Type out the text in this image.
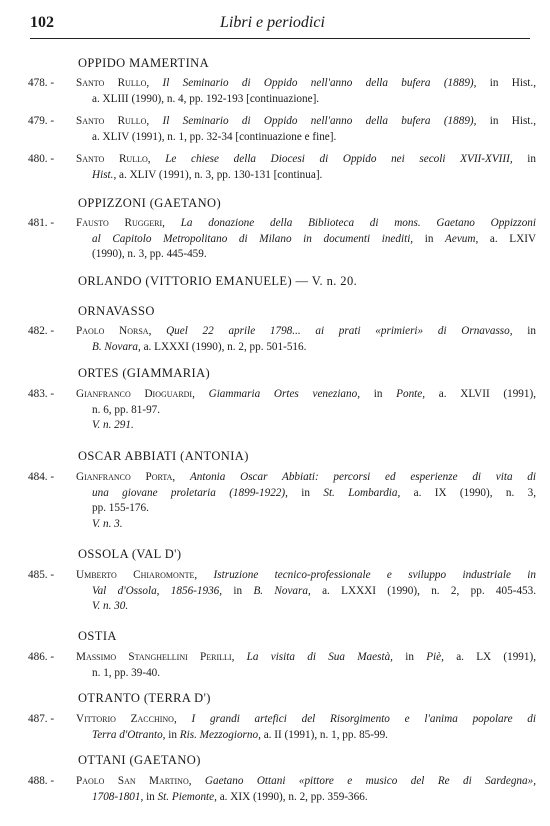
102	Libri e periodici
OPPIDO MAMERTINA
478. -	Santo Rullo, Il Seminario di Oppido nell'anno della bufera (1889), in Hist.,
a. XLIII (1990), n. 4, pp. 192-193 [continuazione].
479. -	Santo Rullo, Il Seminario di Oppido nell'anno della bufera (1889), in Hist.,
a. XLIV (1991), n. 1, pp. 32-34 [continuazione e fine].
480. -	Santo Rullo, Le chiese della Diocesi di Oppido nei secoli XVII-XVIII, in
Hist., a. XLIV (1991), n. 3, pp. 130-131 [continua].
OPPIZZONI (GAETANO)
481. -	Fausto Ruggeri, La donazione della Biblioteca di mons. Gaetano Oppizzoni
al Capitolo Metropolitano di Milano in documenti inediti, in Aevum, a. LXIV
(1990), n. 3, pp. 445-459.
ORLANDO (VITTORIO EMANUELE) — V. n. 20.
ORNAVASSO
482. -	Paolo Norsa, Quel 22 aprile 1798... ai prati «primieri» di Ornavasso, in
B. Novara, a. LXXXI (1990), n. 2, pp. 501-516.
ORTES (GIAMMARIA)
483. -	Gianfranco Dioguardi, Giammaria Ortes veneziano, in Ponte, a. XLVII (1991),
n. 6, pp. 81-97.
V. n. 291.
OSCAR ABBIATI (ANTONIA)
484. -	Gianfranco Porta, Antonia Oscar Abbiati: percorsi ed esperienze di vita di
una giovane proletaria (1899-1922), in St. Lombardia, a. IX (1990), n. 3,
pp. 155-176.
V. n. 3.
OSSOLA (VAL D')
485. -	Umberto Chiaromonte, Istruzione tecnico-professionale e sviluppo industriale in
Val d'Ossola, 1856-1936, in B. Novara, a. LXXXI (1990), n. 2, pp. 405-453.
V. n. 30.
OSTIA
486. -	Massimo Stanghellini Perilli, La visita di Sua Maestà, in Piè, a. LX (1991),
n. 1, pp. 39-40.
OTRANTO (TERRA D')
487. -	Vittorio Zacchino, I grandi artefici del Risorgimento e l'anima popolare di
Terra d'Otranto, in Ris. Mezzogiorno, a. II (1991), n. 1, pp. 85-99.
OTTANI (GAETANO)
488. -	Paolo San Martino, Gaetano Ottani «pittore e musico del Re di Sardegna»,
1708-1801, in St. Piemonte, a. XIX (1990), n. 2, pp. 359-366.
